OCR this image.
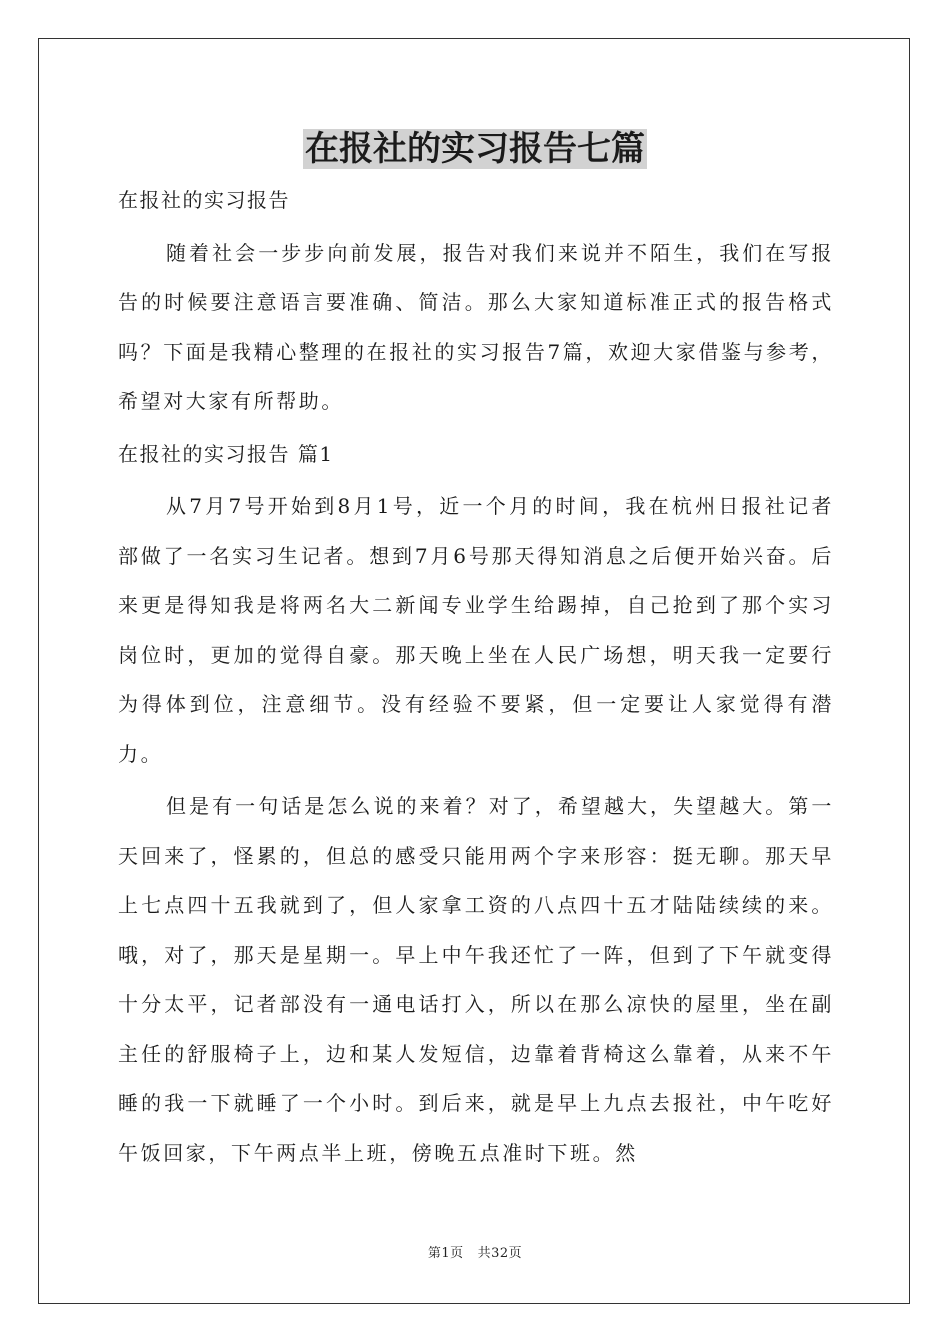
在报社的实习报告七篇

在报社的实习报告

随着社会一步步向前发展，报告对我们来说并不陌生，我们在写报告的时候要注意语言要准确、简洁。那么大家知道标准正式的报告格式吗？下面是我精心整理的在报社的实习报告7篇，欢迎大家借鉴与参考，希望对大家有所帮助。

在报社的实习报告 篇1

从7月7号开始到8月1号，近一个月的时间，我在杭州日报社记者部做了一名实习生记者。想到7月6号那天得知消息之后便开始兴奋。后来更是得知我是将两名大二新闻专业学生给踢掉，自己抢到了那个实习岗位时，更加的觉得自豪。那天晚上坐在人民广场想，明天我一定要行为得体到位，注意细节。没有经验不要紧，但一定要让人家觉得有潜力。

但是有一句话是怎么说的来着？对了，希望越大，失望越大。第一天回来了，怪累的，但总的感受只能用两个字来形容：挺无聊。那天早上七点四十五我就到了，但人家拿工资的八点四十五才陆陆续续的来。哦，对了，那天是星期一。早上中午我还忙了一阵，但到了下午就变得十分太平，记者部没有一通电话打入，所以在那么凉快的屋里，坐在副主任的舒服椅子上，边和某人发短信，边靠着背椅这么靠着，从来不午睡的我一下就睡了一个小时。到后来，就是早上九点去报社，中午吃好午饭回家，下午两点半上班，傍晚五点准时下班。然

第1页 共32页
